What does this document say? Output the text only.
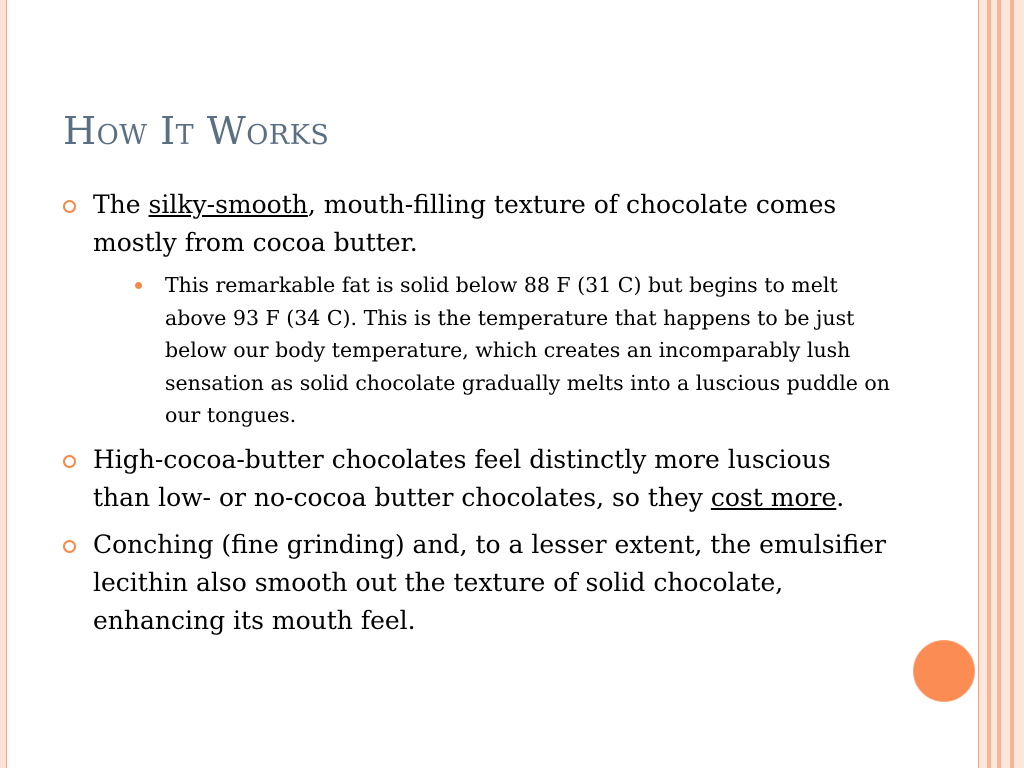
How It Works
The silky-smooth, mouth-filling texture of chocolate comes mostly from cocoa butter.
This remarkable fat is solid below 88 F (31 C) but begins to melt above 93 F (34 C). This is the temperature that happens to be just below our body temperature, which creates an incomparably lush sensation as solid chocolate gradually melts into a luscious puddle on our tongues.
High-cocoa-butter chocolates feel distinctly more luscious than low- or no-cocoa butter chocolates, so they cost more.
Conching (fine grinding) and, to a lesser extent, the emulsifier lecithin also smooth out the texture of solid chocolate, enhancing its mouth feel.
